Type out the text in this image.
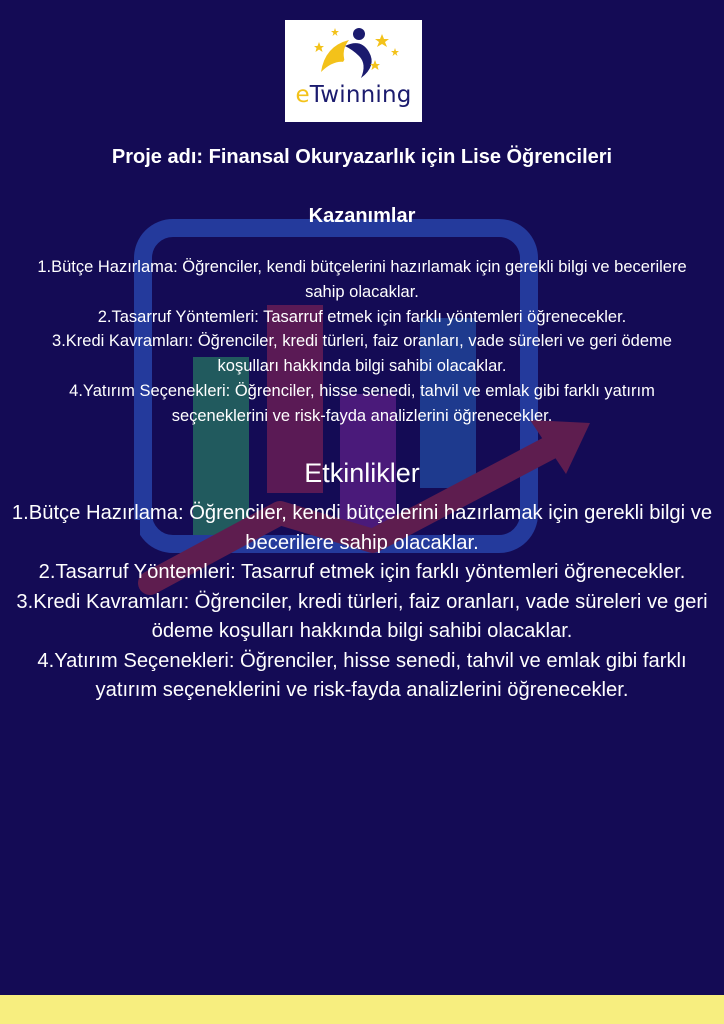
eTwinning
Proje adı: Finansal Okuryazarlık için Lise Öğrencileri
Kazanımlar
1.Bütçe Hazırlama: Öğrenciler, kendi bütçelerini hazırlamak için gerekli bilgi ve becerilere sahip olacaklar.
2.Tasarruf Yöntemleri: Tasarruf etmek için farklı yöntemleri öğrenecekler.
3.Kredi Kavramları: Öğrenciler, kredi türleri, faiz oranları, vade süreleri ve geri ödeme koşulları hakkında bilgi sahibi olacaklar.
4.Yatırım Seçenekleri: Öğrenciler, hisse senedi, tahvil ve emlak gibi farklı yatırım seçeneklerini ve risk-fayda analizlerini öğrenecekler.
Etkinlikler
1.Bütçe Hazırlama: Öğrenciler, kendi bütçelerini hazırlamak için gerekli bilgi ve becerilere sahip olacaklar.
2.Tasarruf Yöntemleri: Tasarruf etmek için farklı yöntemleri öğrenecekler.
3.Kredi Kavramları: Öğrenciler, kredi türleri, faiz oranları, vade süreleri ve geri ödeme koşulları hakkında bilgi sahibi olacaklar.
4.Yatırım Seçenekleri: Öğrenciler, hisse senedi, tahvil ve emlak gibi farklı yatırım seçeneklerini ve risk-fayda analizlerini öğrenecekler.
